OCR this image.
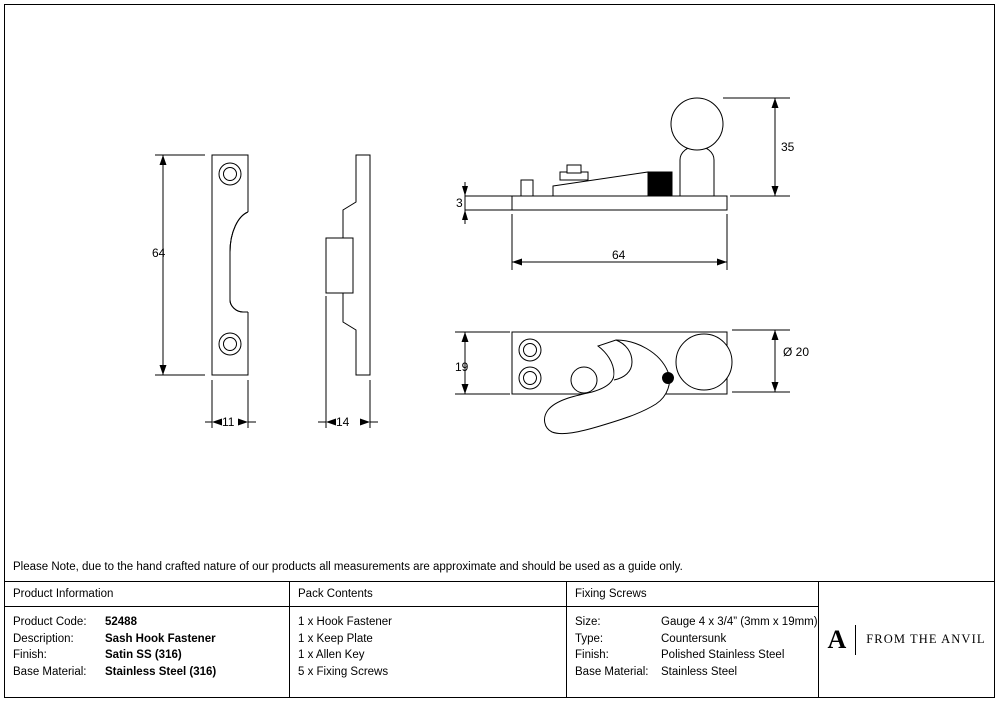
64
11	14
3
35
64
19
Ø 20
Please Note, due to the hand crafted nature of our products all measurements are approximate and should be used as a guide only.
Product Information
Product Code:	52488
Description:	Sash Hook Fastener
Finish:	Satin SS (316)
Base Material:	Stainless Steel (316)
Pack Contents
1 x Hook Fastener
1 x Keep Plate
1 x Allen Key
5 x Fixing Screws
Fixing Screws
Size:	Gauge 4 x 3/4” (3mm x 19mm)
Type:	Countersunk
Finish:	Polished Stainless Steel
Base Material:	Stainless Steel
A FROM THE ANVIL
